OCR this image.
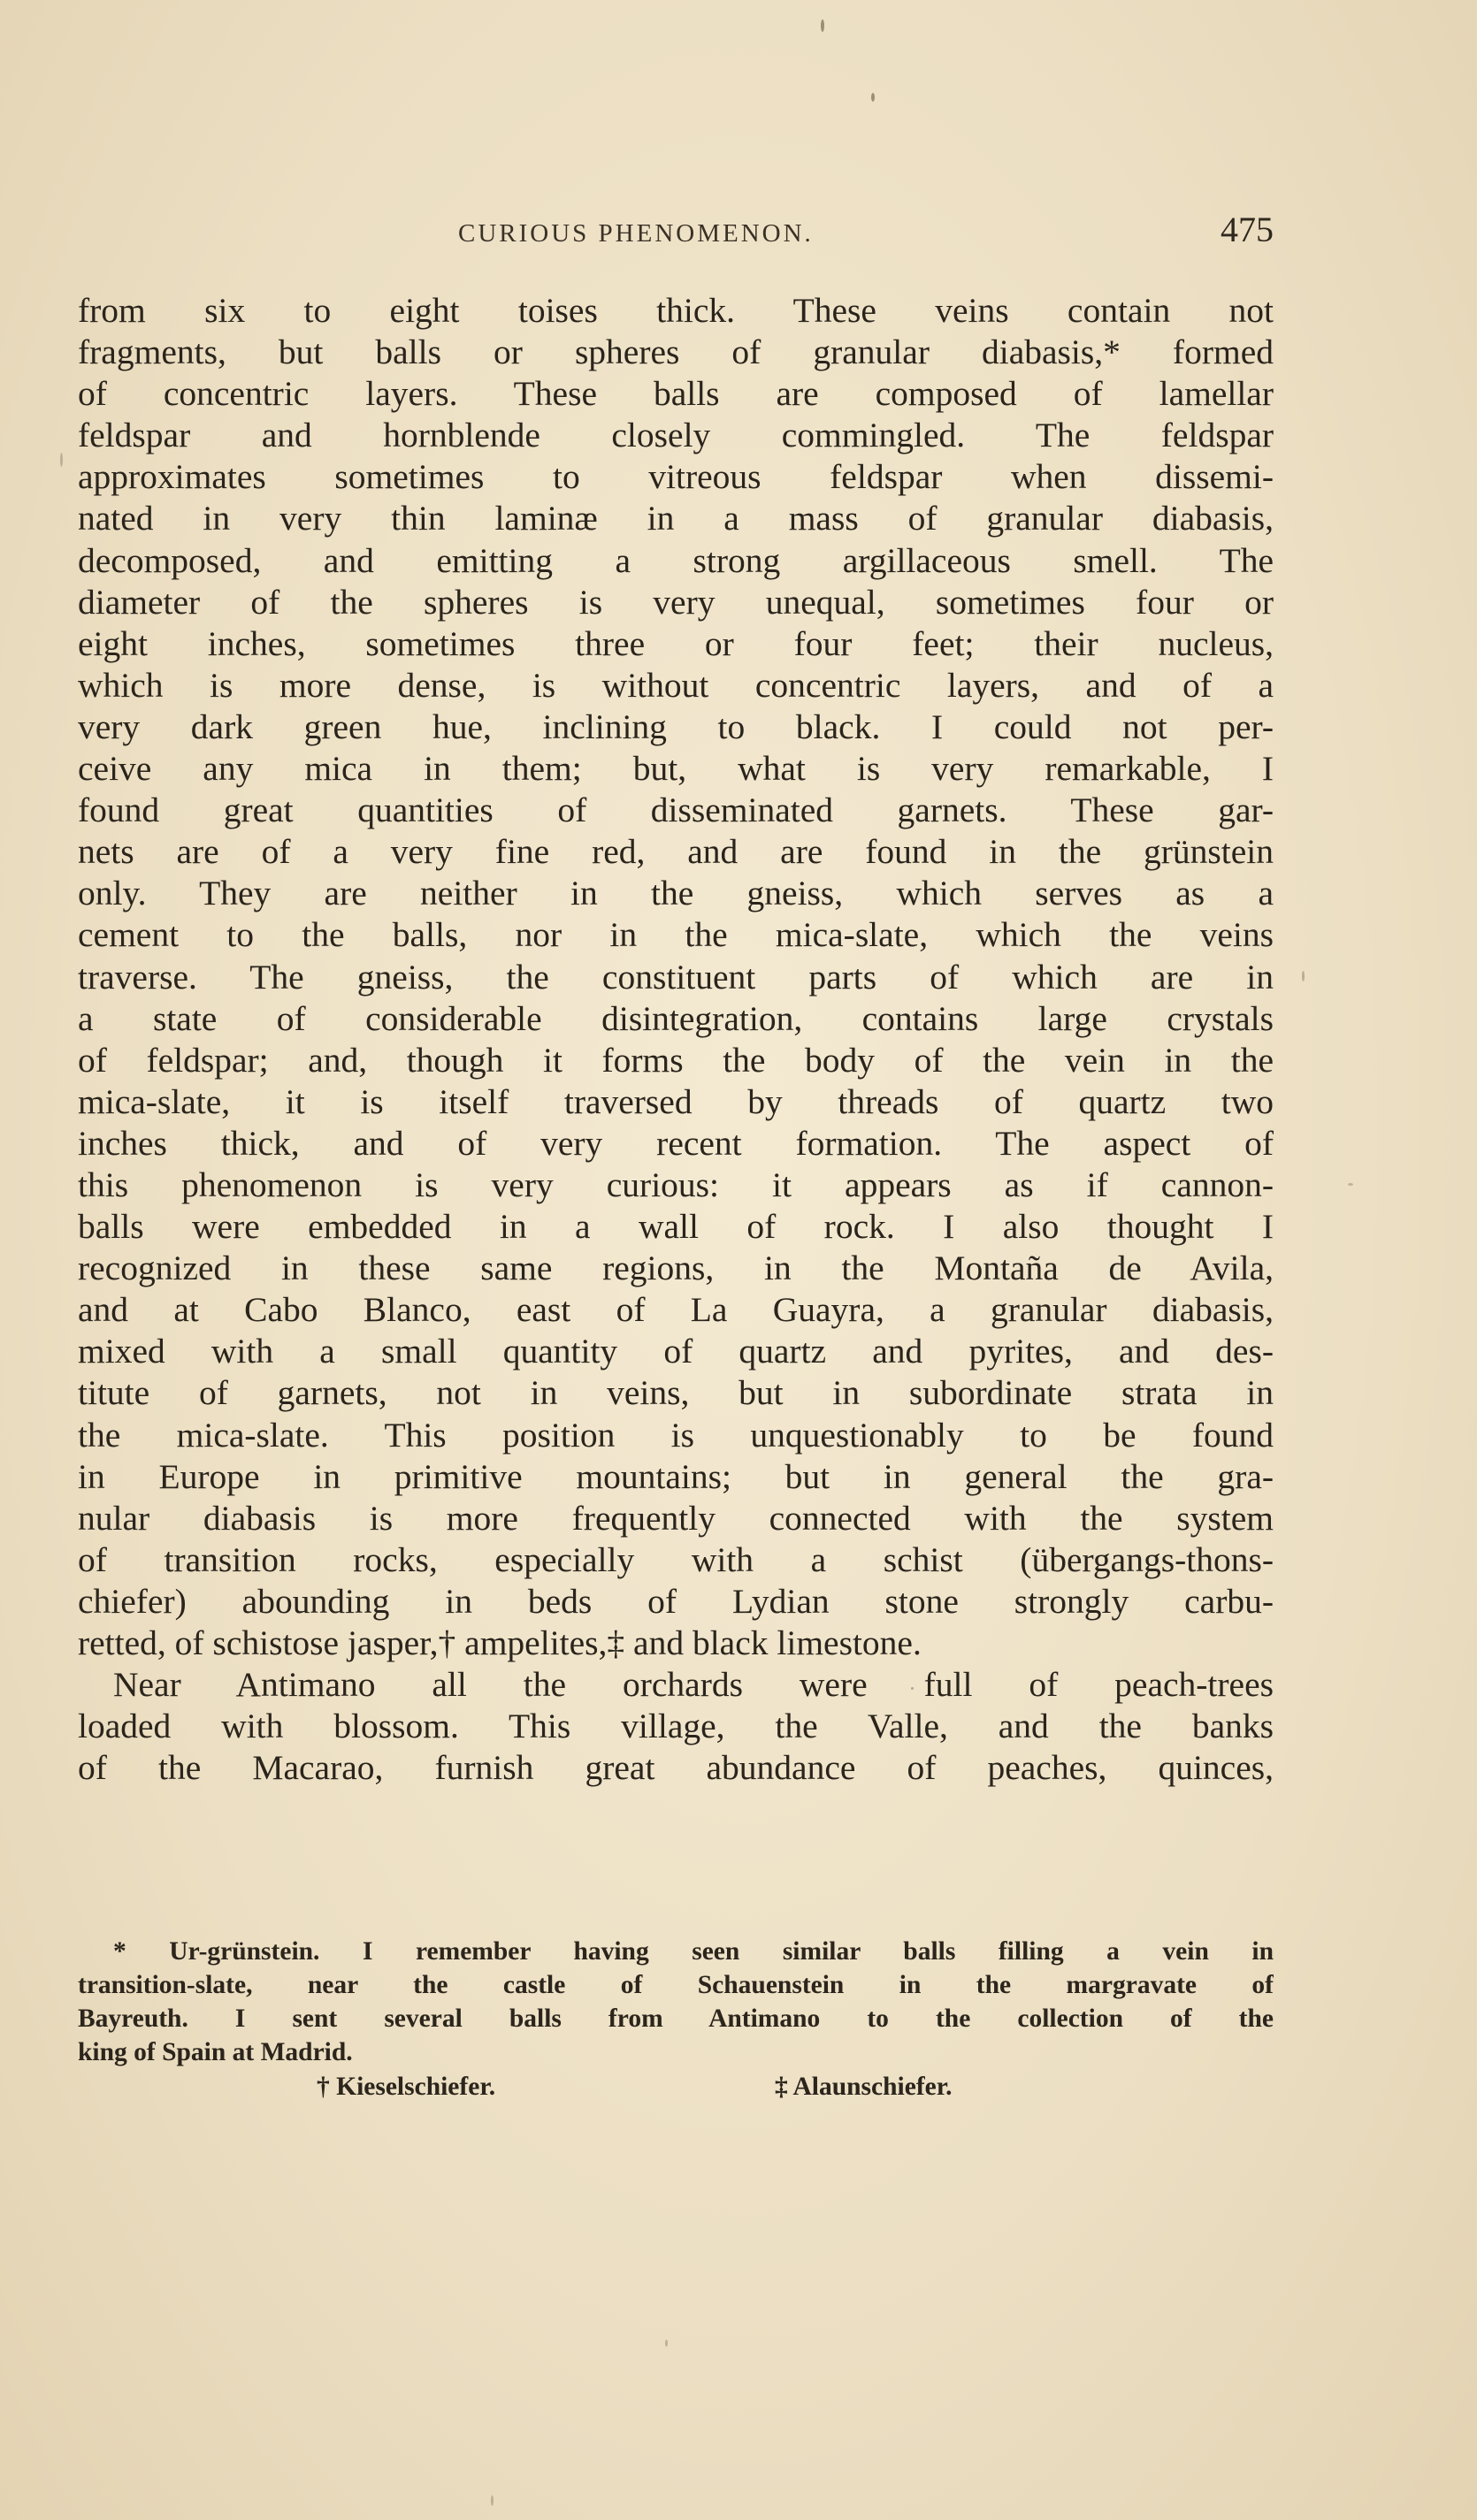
CURIOUS PHENOMENON.	475
from six to eight toises thick. These veins contain not
fragments, but balls or spheres of granular diabasis,* formed
of concentric layers. These balls are composed of lamellar
feldspar and hornblende closely commingled. The feldspar
approximates sometimes to vitreous feldspar when dissemi-
nated in very thin laminæ in a mass of granular diabasis,
decomposed, and emitting a strong argillaceous smell. The
diameter of the spheres is very unequal, sometimes four or
eight inches, sometimes three or four feet; their nucleus,
which is more dense, is without concentric layers, and of a
very dark green hue, inclining to black. I could not per-
ceive any mica in them; but, what is very remarkable, I
found great quantities of disseminated garnets. These gar-
nets are of a very fine red, and are found in the grünstein
only. They are neither in the gneiss, which serves as a
cement to the balls, nor in the mica-slate, which the veins
traverse. The gneiss, the constituent parts of which are in
a state of considerable disintegration, contains large crystals
of feldspar; and, though it forms the body of the vein in the
mica-slate, it is itself traversed by threads of quartz two
inches thick, and of very recent formation. The aspect of
this phenomenon is very curious: it appears as if cannon-
balls were embedded in a wall of rock. I also thought I
recognized in these same regions, in the Montaña de Avila,
and at Cabo Blanco, east of La Guayra, a granular diabasis,
mixed with a small quantity of quartz and pyrites, and des-
titute of garnets, not in veins, but in subordinate strata in
the mica-slate. This position is unquestionably to be found
in Europe in primitive mountains; but in general the gra-
nular diabasis is more frequently connected with the system
of transition rocks, especially with a schist (übergangs-thons-
chiefer) abounding in beds of Lydian stone strongly carbu-
retted, of schistose jasper,† ampelites,‡ and black limestone.
Near Antimano all the orchards were full of peach-trees
loaded with blossom. This village, the Valle, and the banks
of the Macarao, furnish great abundance of peaches, quinces,
* Ur-grünstein. I remember having seen similar balls filling a vein in
transition-slate, near the castle of Schauenstein in the margravate of
Bayreuth. I sent several balls from Antimano to the collection of the
king of Spain at Madrid.
† Kieselschiefer.	‡ Alaunschiefer.
